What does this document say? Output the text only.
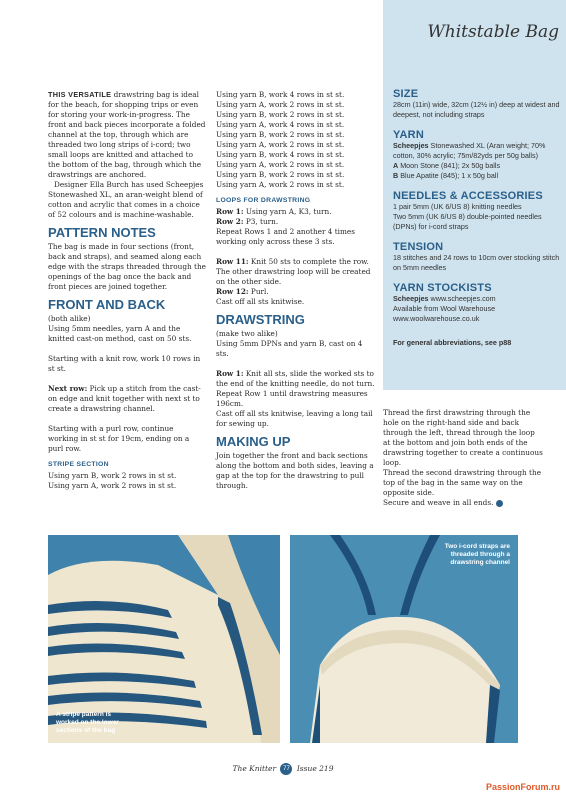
Whitstable Bag
SIZE
28cm (11in) wide, 32cm (12½ in) deep at widest and deepest, not including straps
YARN
Scheepjes Stonewashed XL (Aran weight; 70% cotton, 30% acrylic; 75m/82yds per 50g balls)
A Moon Stone (841); 2x 50g balls
B Blue Apatite (845); 1 x 50g ball
NEEDLES & ACCESSORIES
1 pair 5mm (UK 6/US 8) knitting needles
Two 5mm (UK 6/US 8) double-pointed needles (DPNs) for i-cord straps
TENSION
18 stitches and 24 rows to 10cm over stocking stitch on 5mm needles
YARN STOCKISTS
Scheepjes www.scheepjes.com
Available from Wool Warehouse
www.woolwarehouse.co.uk
For general abbreviations, see p88
THIS VERSATILE drawstring bag is ideal for the beach, for shopping trips or even for storing your work-in-progress. The front and back pieces incorporate a folded channel at the top, through which are threaded two long strips of i-cord; two small loops are knitted and attached to the bottom of the bag, through which the drawstrings are anchored.
Designer Ella Burch has used Scheepjes Stonewashed XL, an aran-weight blend of cotton and acrylic that comes in a choice of 52 colours and is machine-washable.
PATTERN NOTES
The bag is made in four sections (front, back and straps), and seamed along each edge with the straps threaded through the openings of the bag once the back and front pieces are joined together.
FRONT AND BACK
(both alike)
Using 5mm needles, yarn A and the knitted cast-on method, cast on 50 sts.
Starting with a knit row, work 10 rows in st st.
Next row: Pick up a stitch from the cast-on edge and knit together with next st to create a drawstring channel.
Starting with a purl row, continue working in st st for 19cm, ending on a purl row.
STRIPE SECTION
Using yarn B, work 2 rows in st st.
Using yarn A, work 2 rows in st st.
Using yarn B, work 4 rows in st st.
Using yarn A, work 2 rows in st st.
Using yarn B, work 2 rows in st st.
Using yarn A, work 4 rows in st st.
Using yarn B, work 2 rows in st st.
Using yarn A, work 2 rows in st st.
Using yarn B, work 4 rows in st st.
Using yarn A, work 2 rows in st st.
Using yarn B, work 2 rows in st st.
Using yarn A, work 2 rows in st st.
LOOPS FOR DRAWSTRING
Row 1: Using yarn A, K3, turn.
Row 2: P3, turn.
Repeat Rows 1 and 2 another 4 times working only across these 3 sts.
Row 11: Knit 50 sts to complete the row. The other drawstring loop will be created on the other side.
Row 12: Purl.
Cast off all sts knitwise.
DRAWSTRING
(make two alike)
Using 5mm DPNs and yarn B, cast on 4 sts.
Row 1: Knit all sts, slide the worked sts to the end of the knitting needle, do not turn.
Repeat Row 1 until drawstring measures 196cm.
Cast off all sts knitwise, leaving a long tail for sewing up.
MAKING UP
Join together the front and back sections along the bottom and both sides, leaving a gap at the top for the drawstring to pull through.
Thread the first drawstring through the hole on the right-hand side and back through the left, thread through the loop at the bottom and join both ends of the drawstring together to create a continuous loop.
Thread the second drawstring through the top of the bag in the same way on the opposite side.
Secure and weave in all ends.
A stripe pattern is worked on the lower sections of the bag
Two i-cord straps are threaded through a drawstring channel
The Knitter 77 Issue 219
PassionForum.ru
